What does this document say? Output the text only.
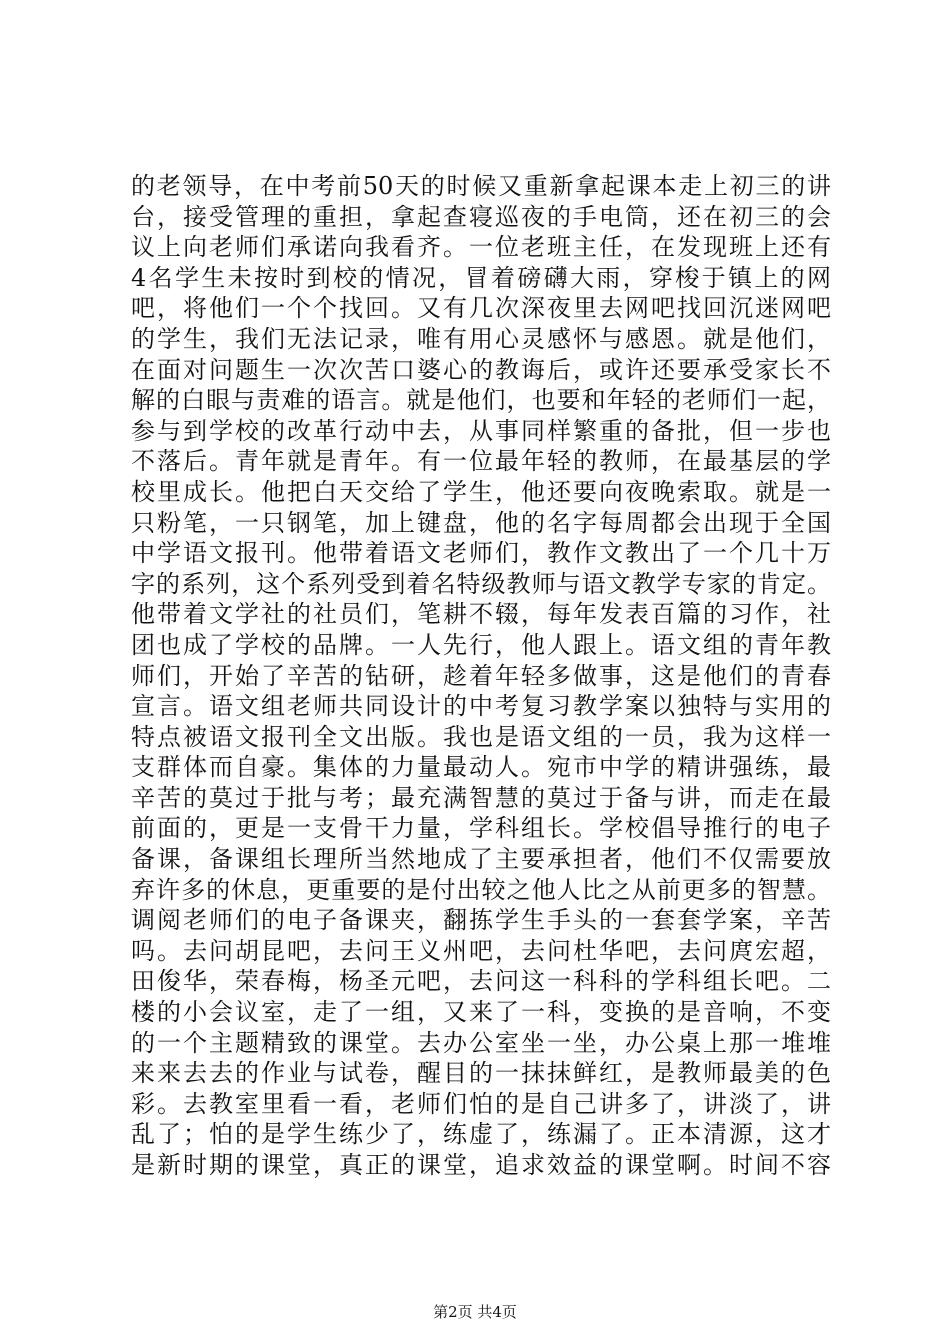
的老领导，在中考前50天的时候又重新拿起课本走上初三的讲
台，接受管理的重担，拿起查寝巡夜的手电筒，还在初三的会
议上向老师们承诺向我看齐。一位老班主任，在发现班上还有
4名学生未按时到校的情况，冒着磅礴大雨，穿梭于镇上的网
吧，将他们一个个找回。又有几次深夜里去网吧找回沉迷网吧
的学生，我们无法记录，唯有用心灵感怀与感恩。就是他们，
在面对问题生一次次苦口婆心的教诲后，或许还要承受家长不
解的白眼与责难的语言。就是他们，也要和年轻的老师们一起，
参与到学校的改革行动中去，从事同样繁重的备批，但一步也
不落后。青年就是青年。有一位最年轻的教师，在最基层的学
校里成长。他把白天交给了学生，他还要向夜晚索取。就是一
只粉笔，一只钢笔，加上键盘，他的名字每周都会出现于全国
中学语文报刊。他带着语文老师们，教作文教出了一个几十万
字的系列，这个系列受到着名特级教师与语文教学专家的肯定。
他带着文学社的社员们，笔耕不辍，每年发表百篇的习作，社
团也成了学校的品牌。一人先行，他人跟上。语文组的青年教
师们，开始了辛苦的钻研，趁着年轻多做事，这是他们的青春
宣言。语文组老师共同设计的中考复习教学案以独特与实用的
特点被语文报刊全文出版。我也是语文组的一员，我为这样一
支群体而自豪。集体的力量最动人。宛市中学的精讲强练，最
辛苦的莫过于批与考；最充满智慧的莫过于备与讲，而走在最
前面的，更是一支骨干力量，学科组长。学校倡导推行的电子
备课，备课组长理所当然地成了主要承担者，他们不仅需要放
弃许多的休息，更重要的是付出较之他人比之从前更多的智慧。
调阅老师们的电子备课夹，翻拣学生手头的一套套学案，辛苦
吗。去问胡昆吧，去问王义州吧，去问杜华吧，去问庹宏超，
田俊华，荣春梅，杨圣元吧，去问这一科科的学科组长吧。二
楼的小会议室，走了一组，又来了一科，变换的是音响，不变
的一个主题精致的课堂。去办公室坐一坐，办公桌上那一堆堆
来来去去的作业与试卷，醒目的一抹抹鲜红，是教师最美的色
彩。去教室里看一看，老师们怕的是自己讲多了，讲淡了，讲
乱了；怕的是学生练少了，练虚了，练漏了。正本清源，这才
是新时期的课堂，真正的课堂，追求效益的课堂啊。时间不容
第2页 共4页
